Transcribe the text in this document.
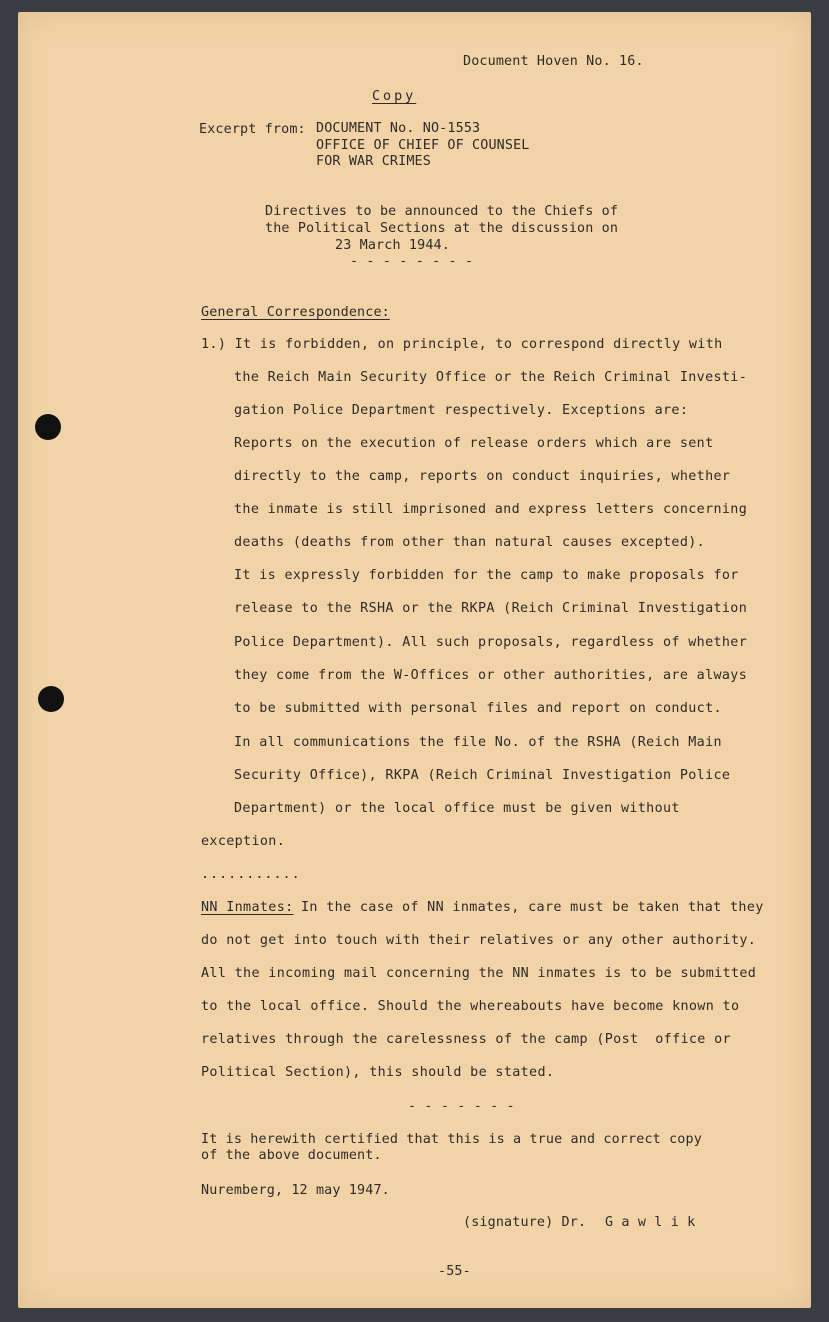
Document Hoven No. 16.
Copy
Excerpt from: DOCUMENT No. NO-1553
OFFICE OF CHIEF OF COUNSEL
FOR WAR CRIMES
Directives to be announced to the Chiefs of
the Political Sections at the discussion on
23 March 1944.
- - - - - - - -
General Correspondence:
1.) It is forbidden, on principle, to correspond directly with
the Reich Main Security Office or the Reich Criminal Investi-
gation Police Department respectively. Exceptions are:
Reports on the execution of release orders which are sent
directly to the camp, reports on conduct inquiries, whether
the inmate is still imprisoned and express letters concerning
deaths (deaths from other than natural causes excepted).
It is expressly forbidden for the camp to make proposals for
release to the RSHA or the RKPA (Reich Criminal Investigation
Police Department). All such proposals, regardless of whether
they come from the W-Offices or other authorities, are always
to be submitted with personal files and report on conduct.
In all communications the file No. of the RSHA (Reich Main
Security Office), RKPA (Reich Criminal Investigation Police
Department) or the local office must be given without
exception.
...........
NN Inmates: In the case of NN inmates, care must be taken that they
do not get into touch with their relatives or any other authority.
All the incoming mail concerning the NN inmates is to be submitted
to the local office. Should the whereabouts have become known to
relatives through the carelessness of the camp (Post  office or
Political Section), this should be stated.
- - - - - - -
It is herewith certified that this is a true and correct copy
of the above document.
Nuremberg, 12 may 1947.
(signature) Dr. G a w l i k
-55-
